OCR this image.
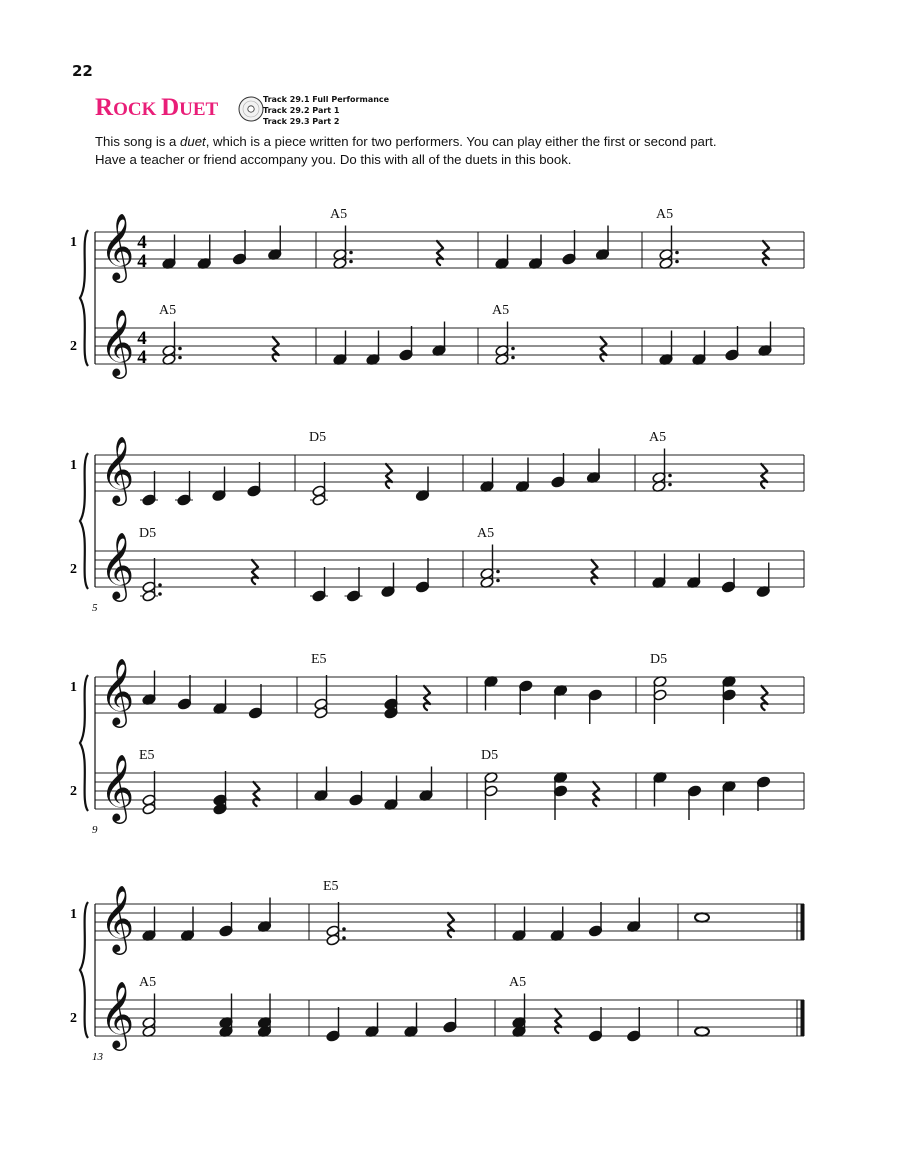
22
ROCK DUET	Track 29.1 Full Performance
Track 29.2 Part 1
Track 29.3 Part 2
This song is a duet, which is a piece written for two performers. You can play either the first or second part. Have a teacher or friend accompany you. Do this with all of the duets in this book.
1
2
𝄞
𝄞
4
4
4
4
A5	A5
A5	A5
1
2
𝄞
𝄞
5
D5	A5
D5	A5
1
2
𝄞
𝄞
9
E5	D5
E5	D5
1
2
𝄞
𝄞
13
E5
A5	A5
